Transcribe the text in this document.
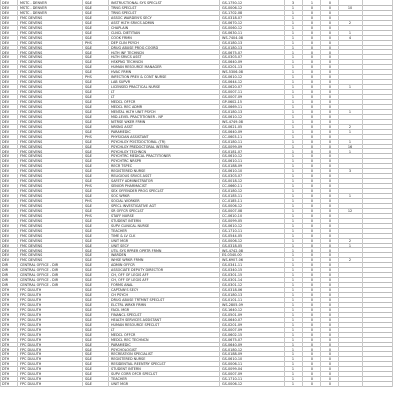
DEV	MSTC - DENVER	S&E	INSTRUCTIONAL SYS SPECLST	GS-1750-12	3	1	0
DEV	MSTC - DENVER	S&E	TRNG SPECLST	GS-0006-12	1	0	0	10
DEV	MSTC - DENVER	S&E	TRNG SPECLST	GS-1702-08	1	0	0
DEV	FMC DEVENS	S&E	ASSOC WARDEN'S SECY	GS-0318-07	1	0	0
DEV	FMC DEVENS	S&E	ASST HLTH SRVCS ADMIN	GS-0670-12	1	0	0	2
DEV	FMC DEVENS	S&E	CHAPLAIN	GS-0060-12	1	0	0
DEV	FMC DEVENS	S&E	CLNCL DIETITIAN	GS-0630-11	1	0	0	1
DEV	FMC DEVENS	S&E	COOK FRMN	WS-7404-08	1	0	0	4
DEV	FMC DEVENS	PHS	DEP CLIN PSYCH	GS-0180-13	1	0	0
DEV	FMC DEVENS	S&E	DRUG ABUSE PROG COORD	GS-0180-13	1	0	0
DEV	FMC DEVENS	S&E	HLTH INF TECHNCN	GS-0675-07	1	0	0
DEV	FMC DEVENS	S&E	HLTH SRVCS ASST	GS-0303-07	1	0	0
DEV	FMC DEVENS	S&E	HSKPNG TECHNCN	GS-0640-09	1	0	0
DEV	FMC DEVENS	S&E	HUMAN RESOURCE MANAGER	GS-0201-13	1	0	0
DEV	FMC DEVENS	S&E	HVAC FRMN	WS-5306-08	1	0	0
DEV	FMC DEVENS	PHS	INFECTION PREV & CONT NURSE	GS-0610-12	1	0	0
DEV	FMC DEVENS	S&E	LAB SUPVR	GS-0644-12	1	0	0
DEV	FMC DEVENS	S&E	LICENSED PRACTICAL NURSE	GS-0620-07	1	0	0	1
DEV	FMC DEVENS	S&E	LT	GS-0007-11	1	0	0
DEV	FMC DEVENS	S&E	LT	GS-0007-09	1	0	0
DEV	FMC DEVENS	S&E	MEDCL OFFCR	GP-0602-15	1	0	0
DEV	FMC DEVENS	S&E	MEDCL REC ADMR	GS-0669-11	1	0	0
DEV	FMC DEVENS	S&E	MENTAL HLTH UNIT PSYCH	GS-0180-13	1	0	0	1
DEV	FMC DEVENS	S&E	MID-LEVEL PRACTITIONER - NP	GS-0610-12	1	0	0
DEV	FMC DEVENS	S&E	NITRSE WKER FRMN	WS-4749-08	1	0	0
DEV	FMC DEVENS	S&E	NRSNG ASST	GS-0621-05	1	0	0	2
DEV	FMC DEVENS	S&E	PARAMEDIC	GS-0640-09	1	0	0	1
DEV	FMC DEVENS	PHS	PHYSICIAN ASSISTANT	CC-0603-11	1	0	0
DEV	FMC DEVENS	S&E	PSYCHLGY POSTDOCTORAL (TR)	GS-0180-11	1	0	0	1
DEV	FMC DEVENS	S&E	PSYCHLGY PREDOCTORAL INTERN	GS-0099-09	1	0	0	16
DEV	FMC DEVENS	S&E	PSYCHLGY TECHNCN	GS-0181-07	1	0	0	1
DEV	FMC DEVENS	S&E	PSYCHTRC MEDICAL PRACTITIONER	GS-0610-12	1	0	0
DEV	FMC DEVENS	S&E	PSYCHTRC NRSPR	GS-0610-11	1	0	0
DEV	FMC DEVENS	S&E	RECR TSPEC	GS-0188-09	1	0	0
DEV	FMC DEVENS	S&E	REGISTERED NURSE	GS-0610-10	1	0	0	3
DEV	FMC DEVENS	S&E	RELIGIOUS SRVCS ASST	GS-0303-07	1	0	0
DEV	FMC DEVENS	S&E	SAFETY ADMINISTRATOR	GS-0018-12	1	0	0
DEV	FMC DEVENS	PHS	SENIOR PHARMACIST	CC-0660-11	1	0	0
DEV	FMC DEVENS	S&E	SEX OFFENDER PROG SPECLST	GS-0180-12	1	0	0
DEV	FMC DEVENS	S&E	SOC WRKR	GS-0185-11	1	0	0	1
DEV	FMC DEVENS	PHS	SOCIAL WORKER	CC-0185-11	1	0	0
DEV	FMC DEVENS	S&E	SPECL INVESTIGATIVE AGT	GS-0006-12	1	0	0
DEV	FMC DEVENS	S&E	SR OFFCR SPECLST	GS-0007-08	1	0	0	12
DEV	FMC DEVENS	PHS	STAFF NURSE	CC-0610-10	1	0	0
DEV	FMC DEVENS	S&E	STUDENT INTERN	GS-0099-05	1	0	0
DEV	FMC DEVENS	S&E	SUPV CLINICAL NURSE	GS-0610-12	1	0	0
DEV	FMC DEVENS	S&E	TEACHER	GS-1710-11	1	0	0
DEV	FMC DEVENS	S&E	TIME & LV CLK	GS-0544-05	1	0	0
DEV	FMC DEVENS	S&E	UNIT MGR	GS-0006-12	1	0	0	2
DEV	FMC DEVENS	S&E	UNIT SECY	GS-0318-05	1	0	0	1
DEV	FMC DEVENS	S&E	UTIL SYS RPRER OPRTR FRMN	WS-4742-08	1	0	0
DEV	FMC DEVENS	S&E	WARDEN	ES-0340-00	1	0	0
DEV	FMC DEVENS	S&E	WHSE WRKR FRMN	WS-6907-06	1	0	0	2
DIR	CENTRAL OFFICE - DIR	S&E	ADMIN OFFCR	GS-0341-11	1	0	0
DIR	CENTRAL OFFICE - DIR	S&E	ASSOCIATE DEPUTY DIRECTOR	GS-0340-15	1	0	0
DIR	CENTRAL OFFICE - DIR	S&E	CH, OFF OF LEGIS AFF	GS-0301-15	1	0	0
DIR	CENTRAL OFFICE - DIR	S&E	CH, OFF OF LEGIS AFF	GS-0301-14	1	0	0
DIR	CENTRAL OFFICE - DIR	S&E	FORMS ANAL	GS-0301-12	1	0	0
DTH	FPC DULUTH	S&E	CAPTAIN'S SECY	GS-0318-06	1	0	0
DTH	FPC DULUTH	S&E	CH PSYCH	GS-0180-13	1	0	0
DTH	FPC DULUTH	S&E	DRUG ABUSE TRTMNT SPECLST	GS-0101-11	1	0	0
DTH	FPC DULUTH	S&E	ELCTRL WRKR FRMN	WS-2805-09	1	0	0
DTH	FPC DULUTH	S&E	FACIL MGR	GS-1640-12	1	0	0
DTH	FPC DULUTH	S&E	FINANCL SPECLST	GS-0501-09	1	0	0
DTH	FPC DULUTH	S&E	HEALTH SERVICES ASSISTANT	GS-0640-07	1	0	0
DTH	FPC DULUTH	S&E	HUMAN RESOURCE SPECLST	GS-0201-09	1	0	0
DTH	FPC DULUTH	S&E	LT	GS-0007-09	1	0	0
DTH	FPC DULUTH	S&E	MEDCL OFFCR	GS-0602-15	1	0	0
DTH	FPC DULUTH	S&E	MEDCL REC TECHNCN	GS-0675-07	1	0	0
DTH	FPC DULUTH	S&E	PARAMEDIC	GS-0640-09	1	0	0
DTH	FPC DULUTH	S&E	PSYCHOLOGIST	GS-0180-12	1	0	0
DTH	FPC DULUTH	S&E	RECREATION SPECIALIST	GS-0188-09	1	0	0
DTH	FPC DULUTH	S&E	REGISTERED NURSE	GS-0610-10	1	0	0
DTH	FPC DULUTH	S&E	RESIDENTIAL REENTRY SPECLST	GS-0006-11	1	0	0
DTH	FPC DULUTH	S&E	STUDENT INTERN	GS-0099-04	1	0	0
DTH	FPC DULUTH	S&E	SUPV CORR OFCR SPECLST	GS-0007-09	1	0	0
DTH	FPC DULUTH	S&E	TEACHER	GS-1710-11	1	0	0
DTH	FPC DULUTH	S&E	UNIT MGR	GS-0006-12	1	0	0
